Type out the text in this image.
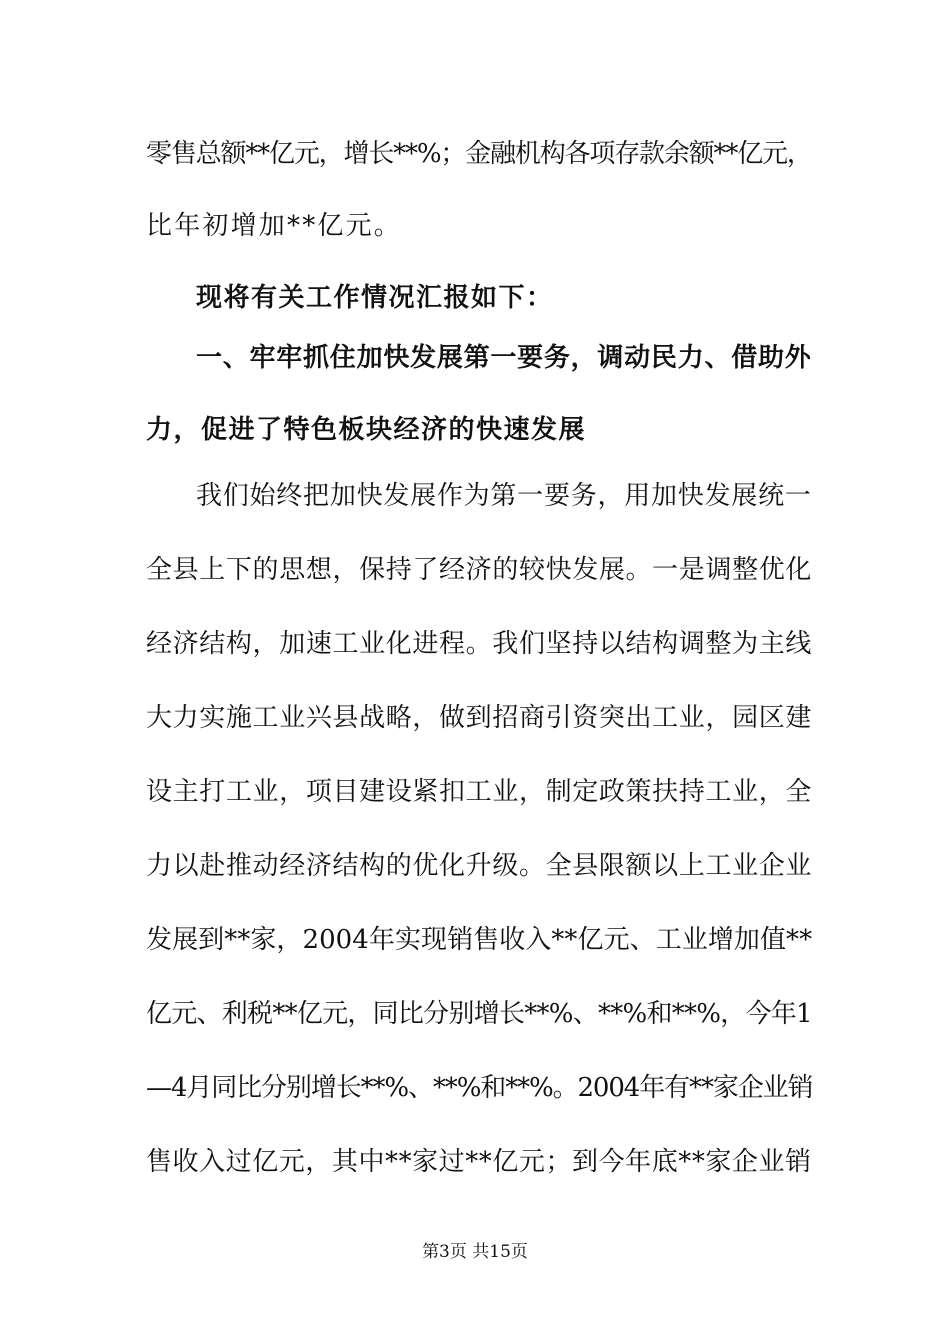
零售总额**亿元，增长**%；金融机构各项存款余额**亿元，
比年初增加**亿元。
现将有关工作情况汇报如下：
一、牢牢抓住加快发展第一要务，调动民力、借助外
力，促进了特色板块经济的快速发展
我们始终把加快发展作为第一要务，用加快发展统一
全县上下的思想，保持了经济的较快发展。一是调整优化
经济结构，加速工业化进程。我们坚持以结构调整为主线
大力实施工业兴县战略，做到招商引资突出工业，园区建
设主打工业，项目建设紧扣工业，制定政策扶持工业，全
力以赴推动经济结构的优化升级。全县限额以上工业企业
发展到**家，2004年实现销售收入**亿元、工业增加值**
亿元、利税**亿元，同比分别增长**%、**%和**%，今年1
—4月同比分别增长**%、**%和**%。2004年有**家企业销
售收入过亿元，其中**家过**亿元；到今年底**家企业销
第3页 共15页
